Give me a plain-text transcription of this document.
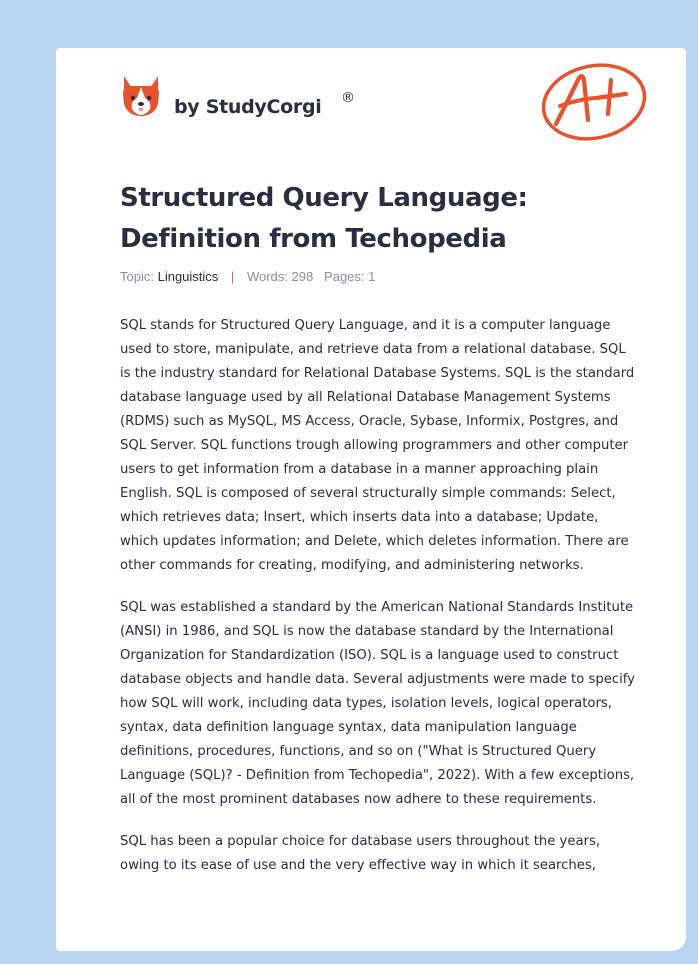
by StudyCorgi ®
Structured Query Language: Definition from Techopedia
Topic: Linguistics | Words: 298 Pages: 1

SQL stands for Structured Query Language, and it is a computer language used to store, manipulate, and retrieve data from a relational database. SQL is the industry standard for Relational Database Systems. SQL is the standard database language used by all Relational Database Management Systems (RDMS) such as MySQL, MS Access, Oracle, Sybase, Informix, Postgres, and SQL Server. SQL functions trough allowing programmers and other computer users to get information from a database in a manner approaching plain English. SQL is composed of several structurally simple commands: Select, which retrieves data; Insert, which inserts data into a database; Update, which updates information; and Delete, which deletes information. There are other commands for creating, modifying, and administering networks.

SQL was established a standard by the American National Standards Institute (ANSI) in 1986, and SQL is now the database standard by the International Organization for Standardization (ISO). SQL is a language used to construct database objects and handle data. Several adjustments were made to specify how SQL will work, including data types, isolation levels, logical operators, syntax, data definition language syntax, data manipulation language definitions, procedures, functions, and so on ("What is Structured Query Language (SQL)? - Definition from Techopedia", 2022). With a few exceptions, all of the most prominent databases now adhere to these requirements.

SQL has been a popular choice for database users throughout the years, owing to its ease of use and the very effective way in which it searches,
